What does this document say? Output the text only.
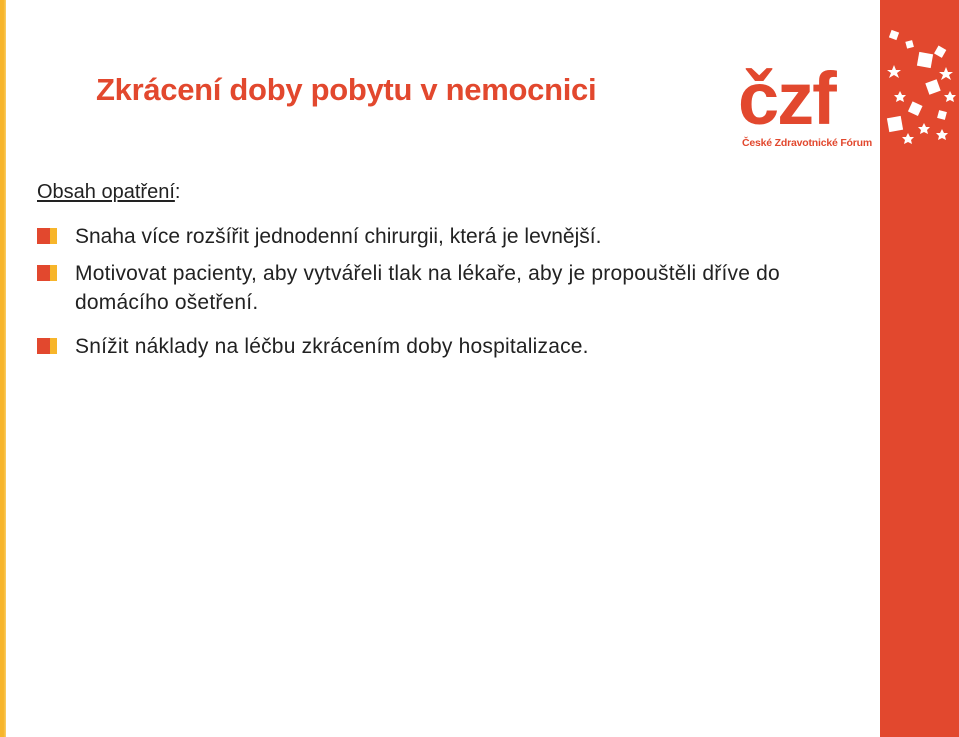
Zkrácení doby pobytu v nemocnici čzf
České Zdravotnické Fórum
Obsah opatření:
Snaha více rozšířit jednodenní chirurgii, která je levnější.
Motivovat pacienty, aby vytvářeli tlak na lékaře, aby je propouštěli dříve do domácího ošetření.
Snížit náklady na léčbu zkrácením doby hospitalizace.
